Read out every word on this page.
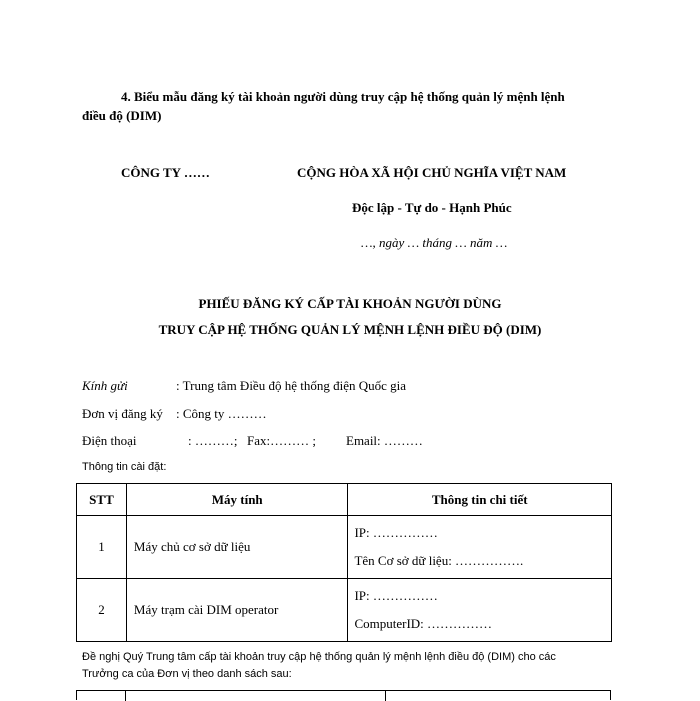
4. Biểu mẫu đăng ký tài khoản người dùng truy cập hệ thống quản lý mệnh lệnh
điều độ (DIM)
CÔNG TY ……	CỘNG HÒA XÃ HỘI CHỦ NGHĨA VIỆT NAM
Độc lập - Tự do - Hạnh Phúc
…, ngày … tháng … năm …
PHIẾU ĐĂNG KÝ CẤP TÀI KHOẢN NGƯỜI DÙNG
TRUY CẬP HỆ THỐNG QUẢN LÝ MỆNH LỆNH ĐIỀU ĐỘ (DIM)
Kính gửi	: Trung tâm Điều độ hệ thống điện Quốc gia
Đơn vị đăng ký : Công ty ………
Điện thoại	: ………; Fax:……… ; Email: ………
Thông tin cài đặt:
STT	Máy tính	Thông tin chi tiết
1	Máy chủ cơ sở dữ liệu	IP: ……………
Tên Cơ sở dữ liệu: …………….

2	Máy trạm cài DIM operator	IP: ……………
ComputerID: ……………
Đề nghị Quý Trung tâm cấp tài khoản truy cập hệ thống quản lý mệnh lệnh điều độ (DIM) cho các
Trưởng ca của Đơn vị theo danh sách sau:
